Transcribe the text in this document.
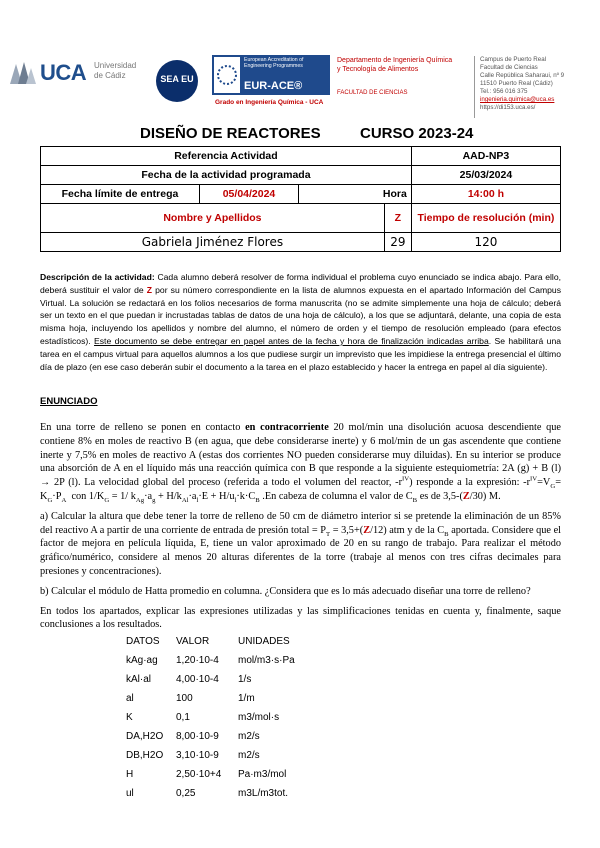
UCA Universidad
de Cádiz	SEA EU
European Accreditation of Engineering Programmes
EUR-ACE®
Grado en Ingeniería Química - UCA
Departamento de Ingeniería Química
y Tecnología de Alimentos
FACULTAD DE CIENCIAS
Campus de Puerto Real
Facultad de Ciencias
Calle República Saharaui, nº 9
11510 Puerto Real (Cádiz)
Tel.: 956 016 375
ingenieria.quimica@uca.es
https://di153.uca.es/
DISEÑO DE REACTORES	CURSO 2023-24
Referencia Actividad				AAD-NP3
Fecha de la actividad programada				25/03/2024
Fecha límite de entrega	05/04/2024	Hora		14:00 h
Nombre y Apellidos			Z	Tiempo de resolución (min)
Gabriela Jiménez Flores			29	120
Descripción de la actividad: Cada alumno deberá resolver de forma individual el problema cuyo enunciado se indica abajo. Para ello, deberá sustituir el valor de Z por su número correspondiente en la lista de alumnos expuesta en el apartado Información del Campus Virtual. La solución se redactará en los folios necesarios de forma manuscrita (no se admite simplemente una hoja de cálculo; deberá ser un texto en el que puedan ir incrustadas tablas de datos de una hoja de cálculo), a los que se adjuntará, delante, una copia de esta misma hoja, incluyendo los apellidos y nombre del alumno, el número de orden y el tiempo de resolución empleado (para efectos estadísticos). Este documento se debe entregar en papel antes de la fecha y hora de finalización indicadas arriba. Se habilitará una tarea en el campus virtual para aquellos alumnos a los que pudiese surgir un imprevisto que les impidiese la entrega presencial el último día de plazo (en ese caso deberán subir el documento a la tarea en el plazo establecido y hacer la entrega en papel al día siguiente).
ENUNCIADO

En una torre de relleno se ponen en contacto en contracorriente 20 mol/min una disolución acuosa descendiente que contiene 8% en moles de reactivo B (en agua, que debe considerarse inerte) y 6 mol/min de un gas ascendente que contiene inerte y 7,5% en moles de reactivo A (estas dos corrientes NO pueden considerarse muy diluidas). En su interior se produce una absorción de A en el líquido más una reacción química con B que responde a la siguiente estequiometría: 2A (g) + B (l) → 2P (l). La velocidad global del proceso (referida a todo el volumen del reactor, $-r^{IV}$) responde a la expresión: $-r^{IV}=V_G= K_G\cdot P_A$ con $1/K_G = 1/$ $k_{Ag}\cdot a_g + H/k_{Al}\cdot a_l\cdot E + H/u_l\cdot k\cdot C_B$ .En cabeza de columna el valor de $C_B$ es de 3,5-(Z/30) M.

a) Calcular la altura que debe tener la torre de relleno de 50 cm de diámetro interior si se pretende la eliminación de un 85% del reactivo A a partir de una corriente de entrada de presión total = $P_T = 3,5+(Z/12)$ atm y de la $C_B$ aportada. Considere que el factor de mejora en película líquida, E, tiene un valor aproximado de 20 en su rango de trabajo. Para realizar el método gráfico/numérico, considere al menos 20 alturas diferentes de la torre (trabaje al menos con tres cifras decimales para presiones y concentraciones).

b) Calcular el módulo de Hatta promedio en columna. ¿Considera que es lo más adecuado diseñar una torre de relleno?

En todos los apartados, explicar las expresiones utilizadas y las simplificaciones tenidas en cuenta y, finalmente, saque conclusiones a los resultados.

DATOS VALOR	UNIDADES
kAg·ag 1,20·10-4 mol/m3·s·Pa
kAl·al 4,00·10-4 1/s
al	100	1/m
K	0,1	m3/mol·s
DA,H2O 8,00·10-9 m2/s
DB,H2O 3,10·10-9 m2/s
H	2,50·10+4 Pa·m3/mol
ul	0,25	m3L/m3tot.
